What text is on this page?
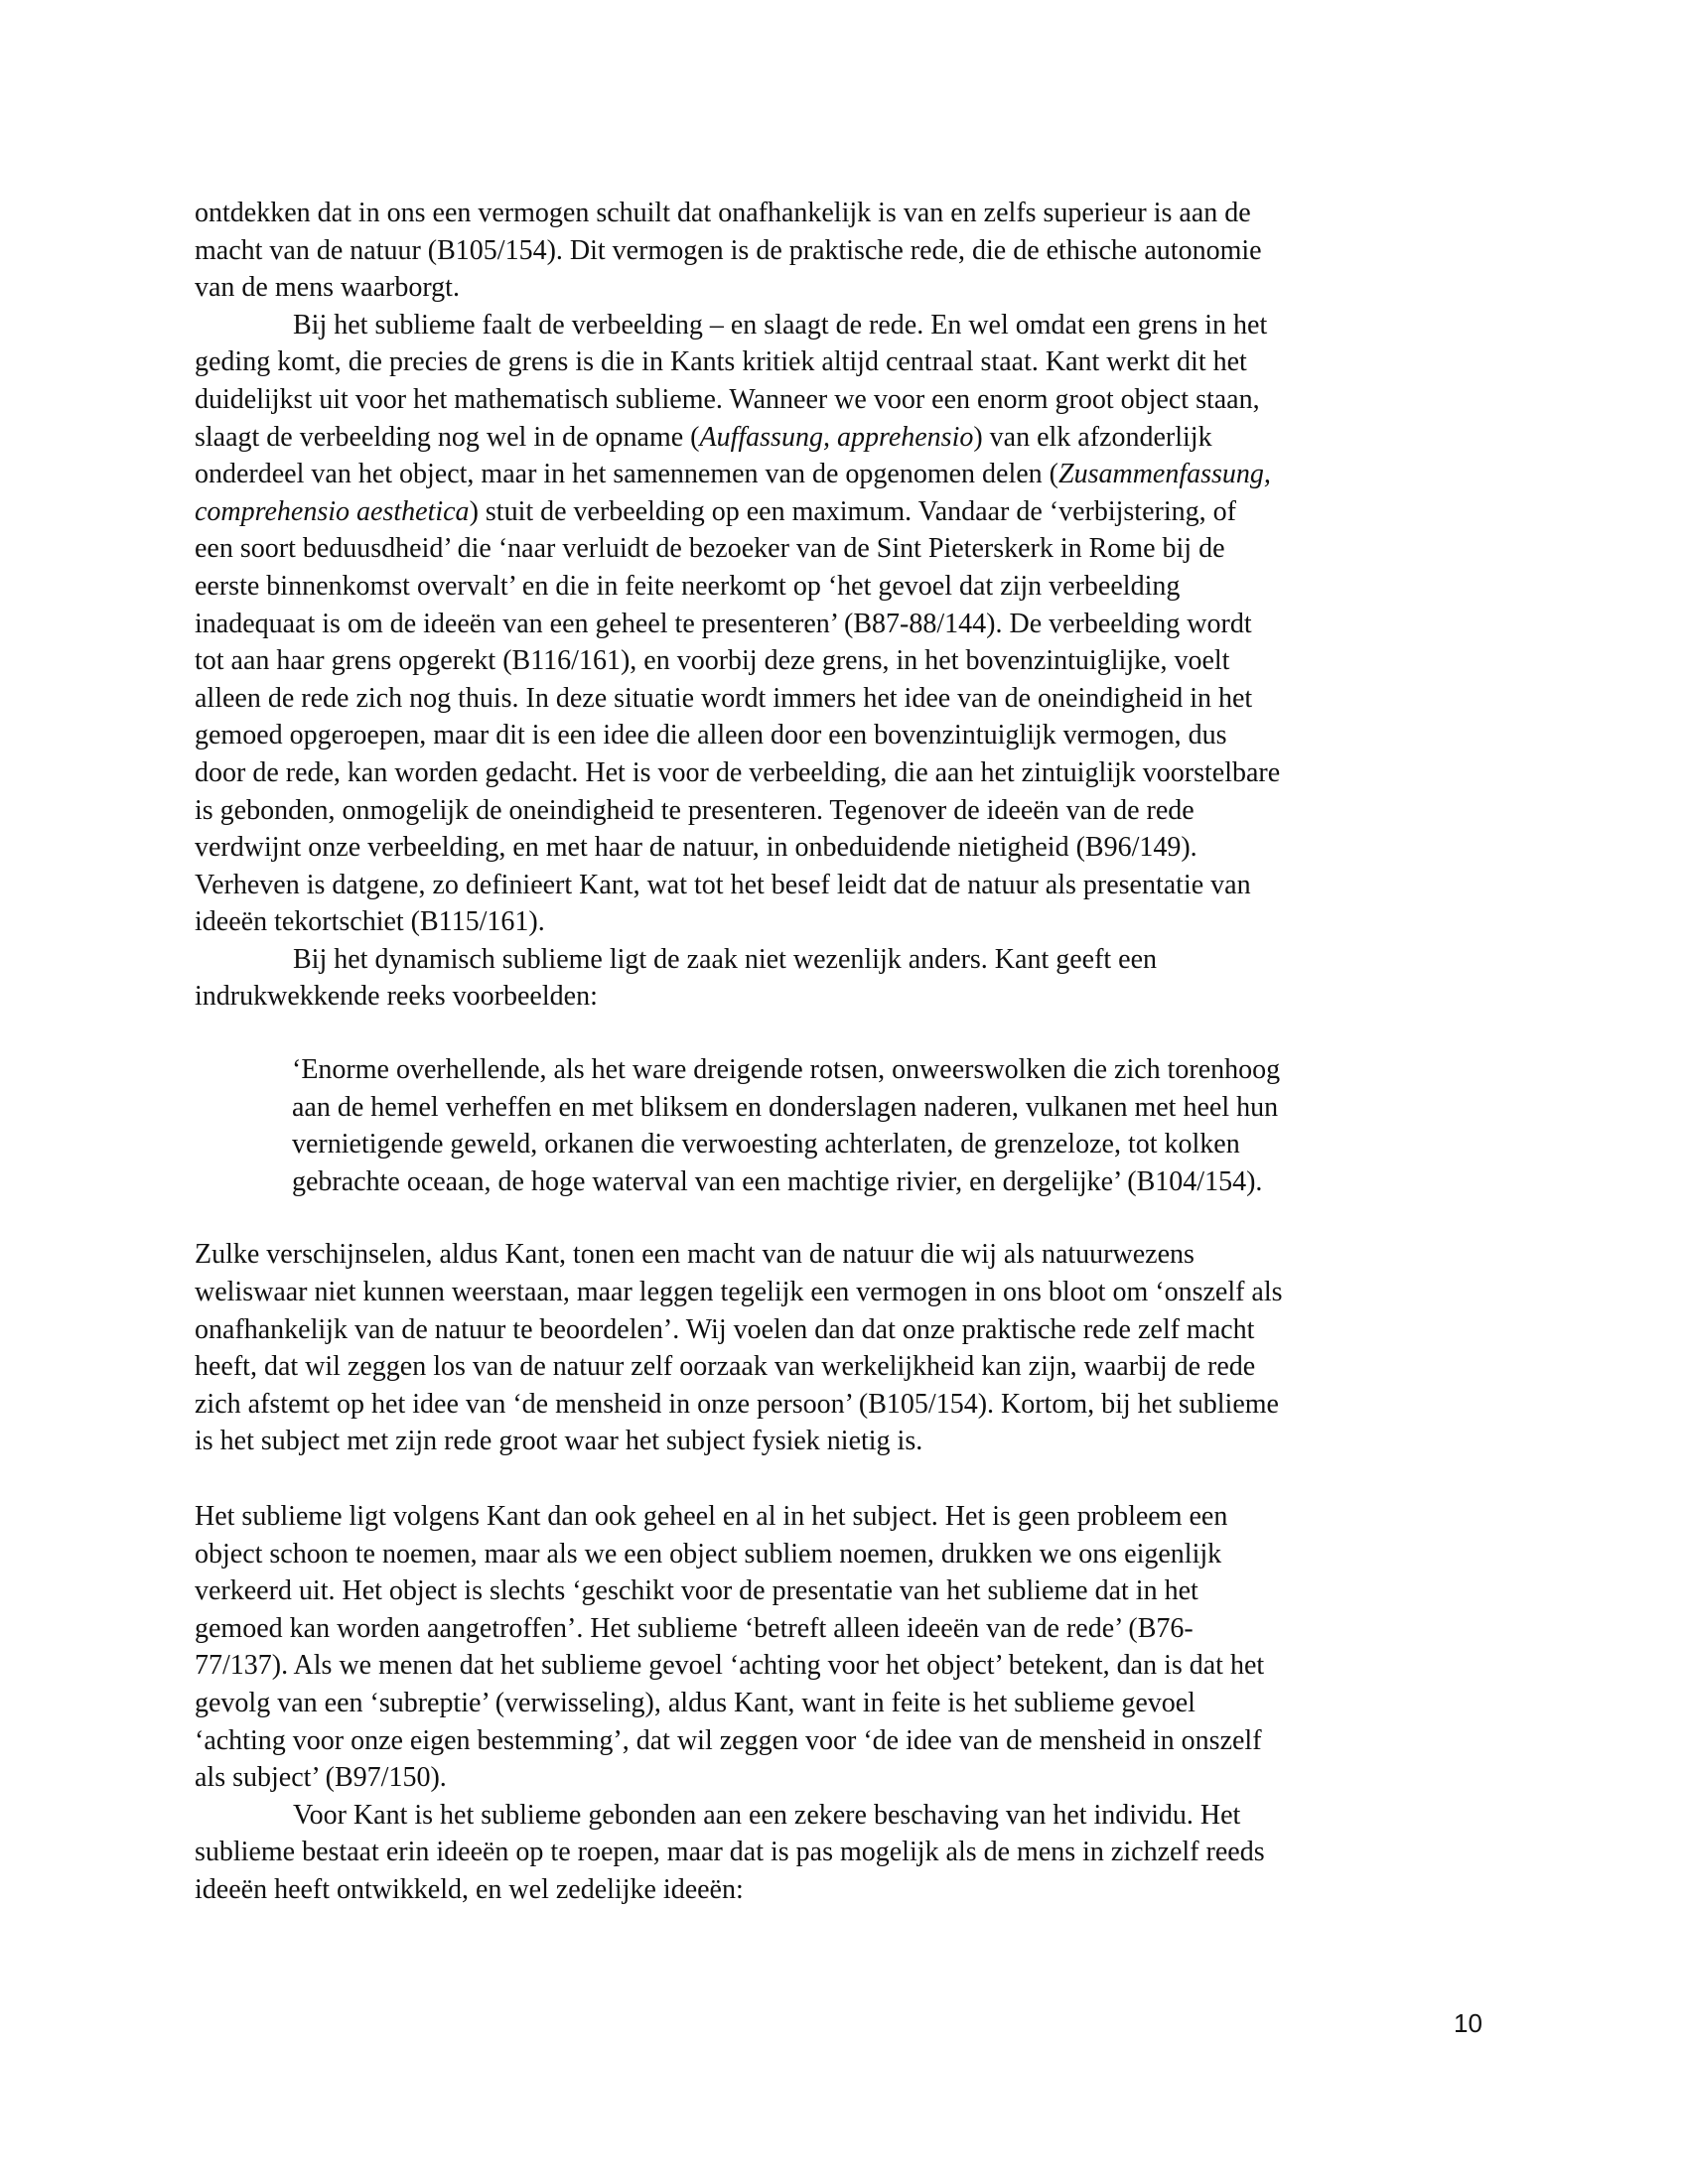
ontdekken dat in ons een vermogen schuilt dat onafhankelijk is van en zelfs superieur is aan de
macht van de natuur (B105/154). Dit vermogen is de praktische rede, die de ethische autonomie
van de mens waarborgt.
Bij het sublieme faalt de verbeelding – en slaagt de rede. En wel omdat een grens in het
geding komt, die precies de grens is die in Kants kritiek altijd centraal staat. Kant werkt dit het
duidelijkst uit voor het mathematisch sublieme. Wanneer we voor een enorm groot object staan,
slaagt de verbeelding nog wel in de opname (Auffassung, apprehensio) van elk afzonderlijk
onderdeel van het object, maar in het samennemen van de opgenomen delen (Zusammenfassung,
comprehensio aesthetica) stuit de verbeelding op een maximum. Vandaar de ‘verbijstering, of
een soort beduusdheid’ die ‘naar verluidt de bezoeker van de Sint Pieterskerk in Rome bij de
eerste binnenkomst overvalt’ en die in feite neerkomt op ‘het gevoel dat zijn verbeelding
inadequaat is om de ideeën van een geheel te presenteren’ (B87-88/144). De verbeelding wordt
tot aan haar grens opgerekt (B116/161), en voorbij deze grens, in het bovenzintuiglijke, voelt
alleen de rede zich nog thuis. In deze situatie wordt immers het idee van de oneindigheid in het
gemoed opgeroepen, maar dit is een idee die alleen door een bovenzintuiglijk vermogen, dus
door de rede, kan worden gedacht. Het is voor de verbeelding, die aan het zintuiglijk voorstelbare
is gebonden, onmogelijk de oneindigheid te presenteren. Tegenover de ideeën van de rede
verdwijnt onze verbeelding, en met haar de natuur, in onbeduidende nietigheid (B96/149).
Verheven is datgene, zo definieert Kant, wat tot het besef leidt dat de natuur als presentatie van
ideeën tekortschiet (B115/161).
Bij het dynamisch sublieme ligt de zaak niet wezenlijk anders. Kant geeft een
indrukwekkende reeks voorbeelden:
‘Enorme overhellende, als het ware dreigende rotsen, onweerswolken die zich torenhoog
aan de hemel verheffen en met bliksem en donderslagen naderen, vulkanen met heel hun
vernietigende geweld, orkanen die verwoesting achterlaten, de grenzeloze, tot kolken
gebrachte oceaan, de hoge waterval van een machtige rivier, en dergelijke’ (B104/154).
Zulke verschijnselen, aldus Kant, tonen een macht van de natuur die wij als natuurwezens
weliswaar niet kunnen weerstaan, maar leggen tegelijk een vermogen in ons bloot om ‘onszelf als
onafhankelijk van de natuur te beoordelen’. Wij voelen dan dat onze praktische rede zelf macht
heeft, dat wil zeggen los van de natuur zelf oorzaak van werkelijkheid kan zijn, waarbij de rede
zich afstemt op het idee van ‘de mensheid in onze persoon’ (B105/154). Kortom, bij het sublieme
is het subject met zijn rede groot waar het subject fysiek nietig is.
Het sublieme ligt volgens Kant dan ook geheel en al in het subject. Het is geen probleem een
object schoon te noemen, maar als we een object subliem noemen, drukken we ons eigenlijk
verkeerd uit. Het object is slechts ‘geschikt voor de presentatie van het sublieme dat in het
gemoed kan worden aangetroffen’. Het sublieme ‘betreft alleen ideeën van de rede’ (B76-
77/137). Als we menen dat het sublieme gevoel ‘achting voor het object’ betekent, dan is dat het
gevolg van een ‘subreptie’ (verwisseling), aldus Kant, want in feite is het sublieme gevoel
‘achting voor onze eigen bestemming’, dat wil zeggen voor ‘de idee van de mensheid in onszelf
als subject’ (B97/150).
Voor Kant is het sublieme gebonden aan een zekere beschaving van het individu. Het
sublieme bestaat erin ideeën op te roepen, maar dat is pas mogelijk als de mens in zichzelf reeds
ideeën heeft ontwikkeld, en wel zedelijke ideeën:
10
